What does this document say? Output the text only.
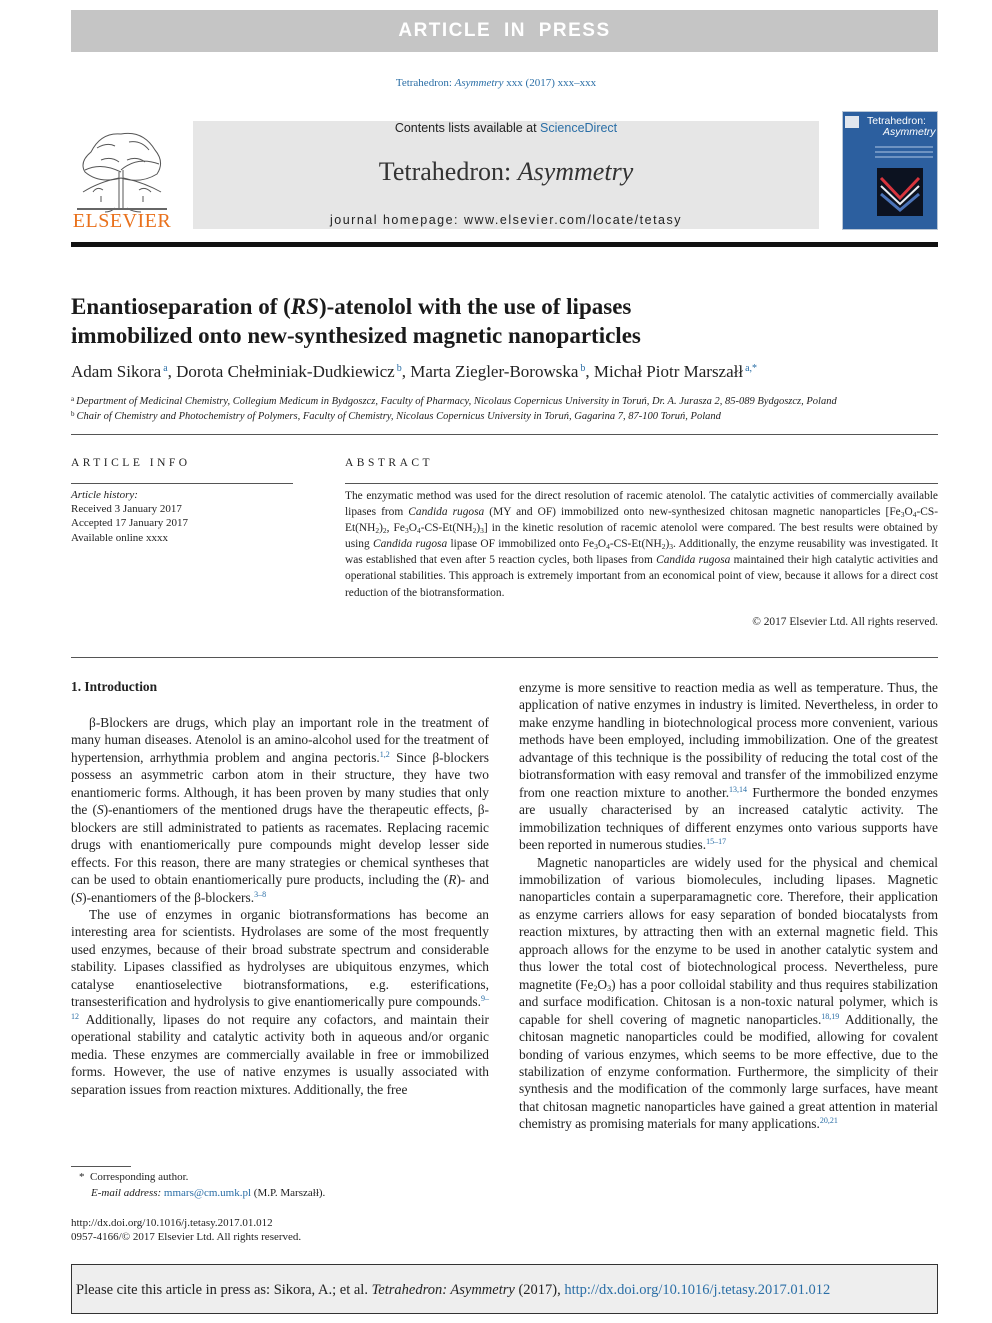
ARTICLE IN PRESS
Tetrahedron: Asymmetry xxx (2017) xxx–xxx
ELSEVIER
Contents lists available at ScienceDirect
Tetrahedron: Asymmetry
journal homepage: www.elsevier.com/locate/tetasy
Tetrahedron:
Asymmetry
Enantioseparation of (RS)-atenolol with the use of lipases
immobilized onto new-synthesized magnetic nanoparticles
Adam Sikora $^a$, Dorota Chełminiak-Dudkiewicz $^b$, Marta Ziegler-Borowska $^b$, Michał Piotr Marszałł $^{a,*}$
$^a$ Department of Medicinal Chemistry, Collegium Medicum in Bydgoszcz, Faculty of Pharmacy, Nicolaus Copernicus University in Toruń, Dr. A. Jurasza 2, 85-089 Bydgoszcz, Poland
$^b$ Chair of Chemistry and Photochemistry of Polymers, Faculty of Chemistry, Nicolaus Copernicus University in Toruń, Gagarina 7, 87-100 Toruń, Poland
ARTICLE INFO	ABSTRACT
Article history:
Received 3 January 2017
Accepted 17 January 2017
Available online xxxx
The enzymatic method was used for the direct resolution of racemic atenolol. The catalytic activities of commercially available lipases from Candida rugosa (MY and OF) immobilized onto new-synthesized chitosan magnetic nanoparticles [$Fe_3O_4-CS-Et(NH_2)_2$, $Fe_3O_4-CS-Et(NH_2)_3$] in the kinetic resolution of racemic atenolol were compared. The best results were obtained by using Candida rugosa lipase OF immobilized onto $Fe_3O_4-CS-Et(NH_2)_3$. Additionally, the enzyme reusability was investigated. It was established that even after 5 reaction cycles, both lipases from Candida rugosa maintained their high catalytic activities and operational stabilities. This approach is extremely important from an economical point of view, because it allows for a direct cost reduction of the biotransformation.
© 2017 Elsevier Ltd. All rights reserved.
1. Introduction

β-Blockers are drugs, which play an important role in the treatment of many human diseases. Atenolol is an amino-alcohol used for the treatment of hypertension, arrhythmia problem and angina pectoris.$^{1,2}$ Since β-blockers possess an asymmetric carbon atom in their structure, they have two enantiomeric forms. Although, it has been proven by many studies that only the (S)-enantiomers of the mentioned drugs have the therapeutic effects, β-blockers are still administrated to patients as racemates. Replacing racemic drugs with enantiomerically pure compounds might develop lesser side effects. For this reason, there are many strategies or chemical syntheses that can be used to obtain enantiomerically pure products, including the (R)- and (S)-enantiomers of the β-blockers.$^{3-8}$

The use of enzymes in organic biotransformations has become an interesting area for scientists. Hydrolases are some of the most frequently used enzymes, because of their broad substrate spectrum and considerable stability. Lipases classified as hydrolyses are ubiquitous enzymes, which catalyse enantioselective biotransformations, e.g. esterifications, transesterification and hydrolysis to give enantiomerically pure compounds.$^{9-12}$ Additionally, lipases do not require any cofactors, and maintain their operational stability and catalytic activity both in aqueous and/or organic media. These enzymes are commercially available in free or immobilized forms. However, the use of native enzymes is usually associated with separation issues from reaction mixtures. Additionally, the free

enzyme is more sensitive to reaction media as well as temperature. Thus, the application of native enzymes in industry is limited. Nevertheless, in order to make enzyme handling in biotechnological process more convenient, various methods have been employed, including immobilization. One of the greatest advantage of this technique is the possibility of reducing the total cost of the biotransformation with easy removal and transfer of the immobilized enzyme from one reaction mixture to another.$^{13,14}$ Furthermore the bonded enzymes are usually characterised by an increased catalytic activity. The immobilization techniques of different enzymes onto various supports have been reported in numerous studies.$^{15-17}$

Magnetic nanoparticles are widely used for the physical and chemical immobilization of various biomolecules, including lipases. Magnetic nanoparticles contain a superparamagnetic core. Therefore, their application as enzyme carriers allows for easy separation of bonded biocatalysts from reaction mixtures, by attracting then with an external magnetic field. This approach allows for the enzyme to be used in another catalytic system and thus lower the total cost of biotechnological process. Nevertheless, pure magnetite $(Fe_2O_3)$ has a poor colloidal stability and thus requires stabilization and surface modification. Chitosan is a non-toxic natural polymer, which is capable for shell covering of magnetic nanoparticles.$^{18,19}$ Additionally, the chitosan magnetic nanoparticles could be modified, allowing for covalent bonding of various enzymes, which seems to be more effective, due to the stabilization of enzyme conformation. Furthermore, the simplicity of their synthesis and the modification of the commonly large surfaces, have meant that chitosan magnetic nanoparticles have gained a great attention in material chemistry as promising materials for many applications.$^{20,21}$

*  Corresponding author.
E-mail address: mmars@cm.umk.pl (M.P. Marszałł).
http://dx.doi.org/10.1016/j.tetasy.2017.01.012
0957-4166/© 2017 Elsevier Ltd. All rights reserved.
Please cite this article in press as: Sikora, A.; et al. Tetrahedron: Asymmetry (2017), http://dx.doi.org/10.1016/j.tetasy.2017.01.012
